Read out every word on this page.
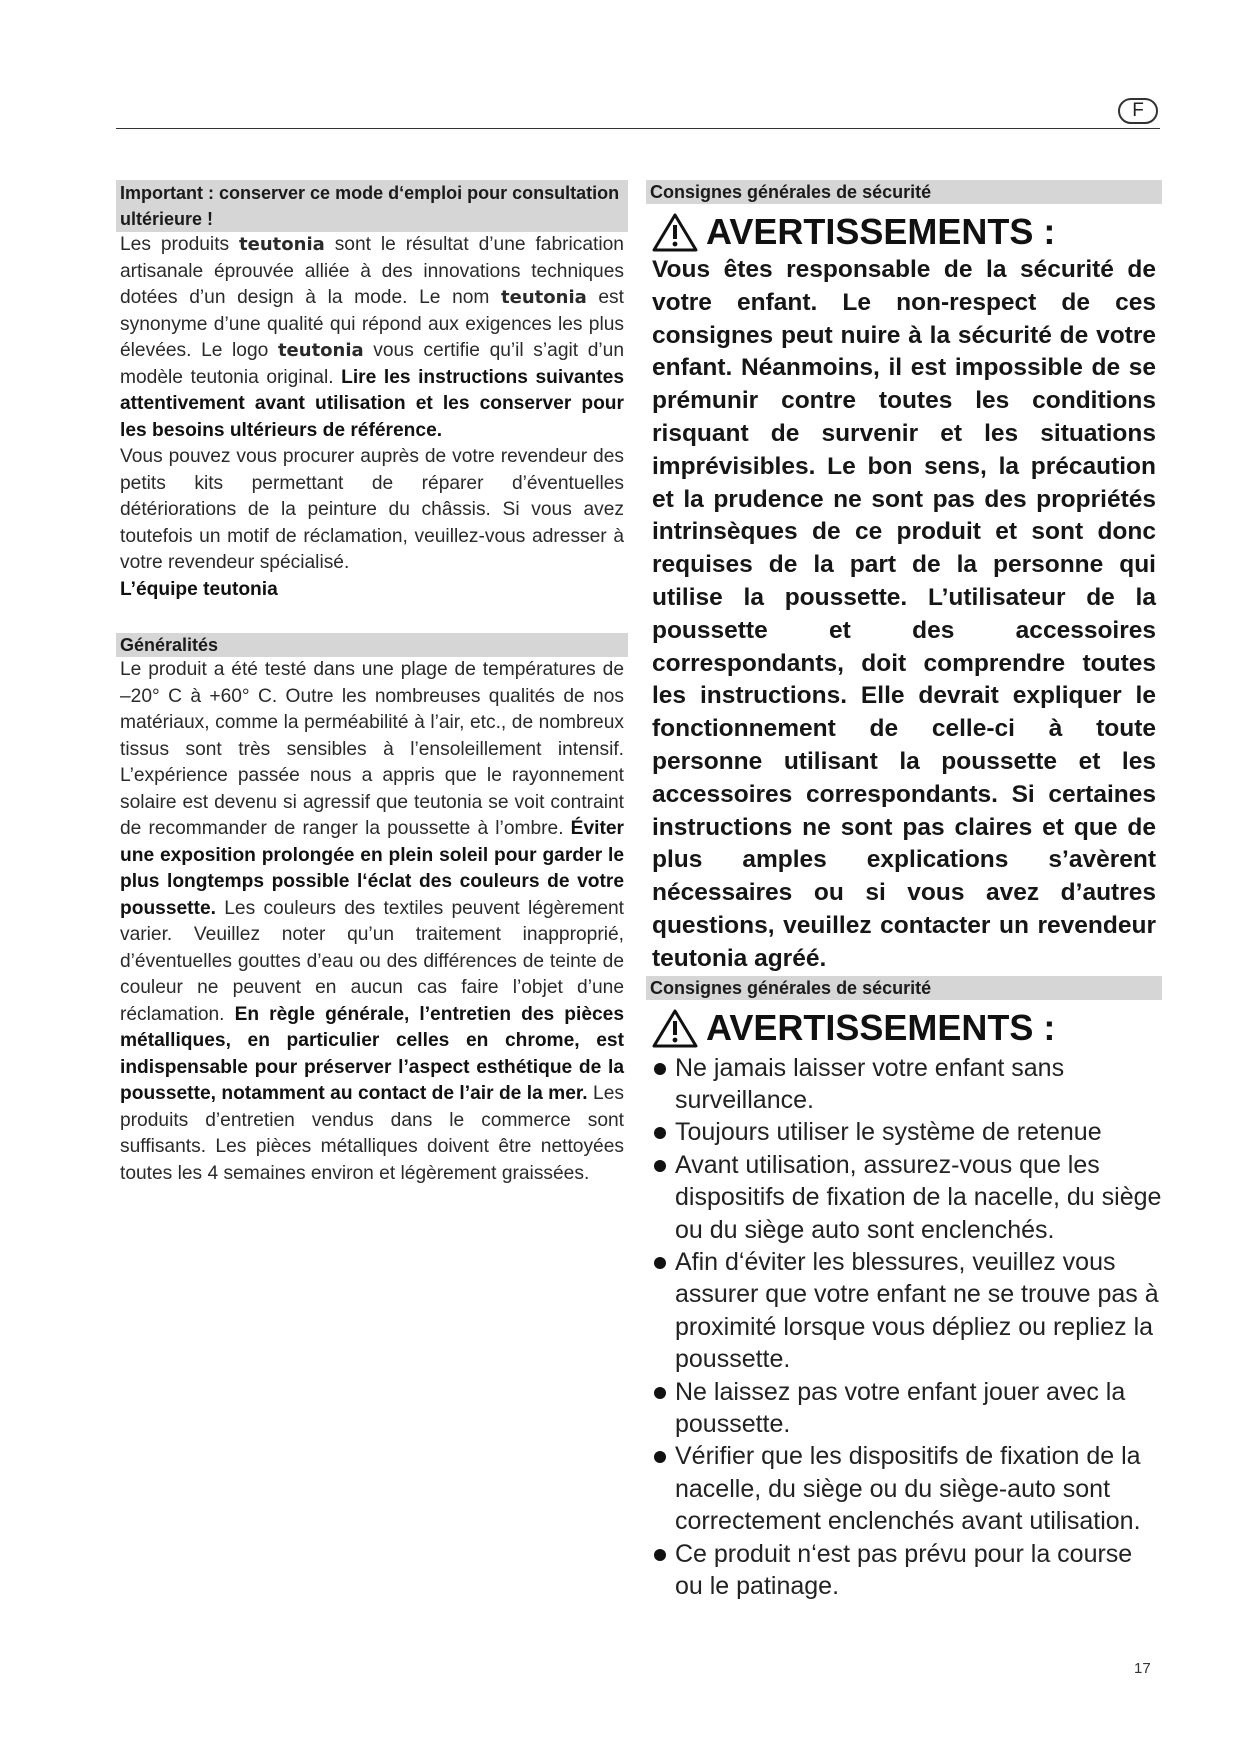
F
Important : conserver ce mode d‘emploi pour consultation ultérieure !

Les produits teutonia sont le résultat d’une fabrication artisanale éprouvée alliée à des innovations techniques dotées d’un design à la mode. Le nom teutonia est synonyme d’une qualité qui répond aux exigences les plus élevées. Le logo teutonia vous certifie qu’il s’agit d’un modèle teutonia original. Lire les instructions suivantes attentivement avant utilisation et les conserver pour les besoins ultérieurs de référence.

Vous pouvez vous procurer auprès de votre revendeur des petits kits permettant de réparer d’éventuelles détériorations de la peinture du châssis. Si vous avez toutefois un motif de réclamation, veuillez-vous adresser à votre revendeur spécialisé.

L’équipe teutonia

Généralités

Le produit a été testé dans une plage de températures de –20° C à +60° C. Outre les nombreuses qualités de nos matériaux, comme la perméabilité à l’air, etc., de nombreux tissus sont très sensibles à l’ensoleillement intensif. L’expérience passée nous a appris que le rayonnement solaire est devenu si agressif que teutonia se voit contraint de recommander de ranger la poussette à l’ombre. Éviter une exposition prolongée en plein soleil pour garder le plus longtemps possible l‘éclat des couleurs de votre poussette. Les couleurs des textiles peuvent légèrement varier. Veuillez noter qu’un traitement inapproprié, d’éventuelles gouttes d’eau ou des différences de teinte de couleur ne peuvent en aucun cas faire l’objet d’une réclamation. En règle générale, l’entretien des pièces métalliques, en particulier celles en chrome, est indispensable pour préserver l’aspect esthétique de la poussette, notamment au contact de l’air de la mer. Les produits d’entretien vendus dans le commerce sont suffisants. Les pièces métalliques doivent être nettoyées toutes les 4 semaines environ et légèrement graissées.

Consignes générales de sécurité
AVERTISSEMENTS :

Vous êtes responsable de la sécurité de votre enfant. Le non-respect de ces consignes peut nuire à la sécurité de votre enfant. Néanmoins, il est impossible de se prémunir contre toutes les conditions risquant de survenir et les situations imprévisibles. Le bon sens, la précaution et la prudence ne sont pas des propriétés intrinsèques de ce produit et sont donc requises de la part de la personne qui utilise la poussette. L’utilisateur de la poussette et des accessoires correspondants, doit comprendre toutes les instructions. Elle devrait expliquer le fonctionnement de celle-ci à toute personne utilisant la poussette et les accessoires correspondants. Si certaines instructions ne sont pas claires et que de plus amples explications s’avèrent nécessaires ou si vous avez d’autres questions, veuillez contacter un revendeur teutonia agréé.

Consignes générales de sécurité
AVERTISSEMENTS :
Ne jamais laisser votre enfant sans surveillance.
Toujours utiliser le système de retenue
Avant utilisation, assurez-vous que les dispositifs de fixation de la nacelle, du siège ou du siège auto sont enclenchés.
Afin d‘éviter les blessures, veuillez vous assurer que votre enfant ne se trouve pas à proximité lorsque vous dépliez ou repliez la poussette.
Ne laissez pas votre enfant jouer avec la poussette.
Vérifier que les dispositifs de fixation de la nacelle, du siège ou du siège-auto sont correctement enclenchés avant utilisation.
Ce produit n‘est pas prévu pour la course ou le patinage.
17
